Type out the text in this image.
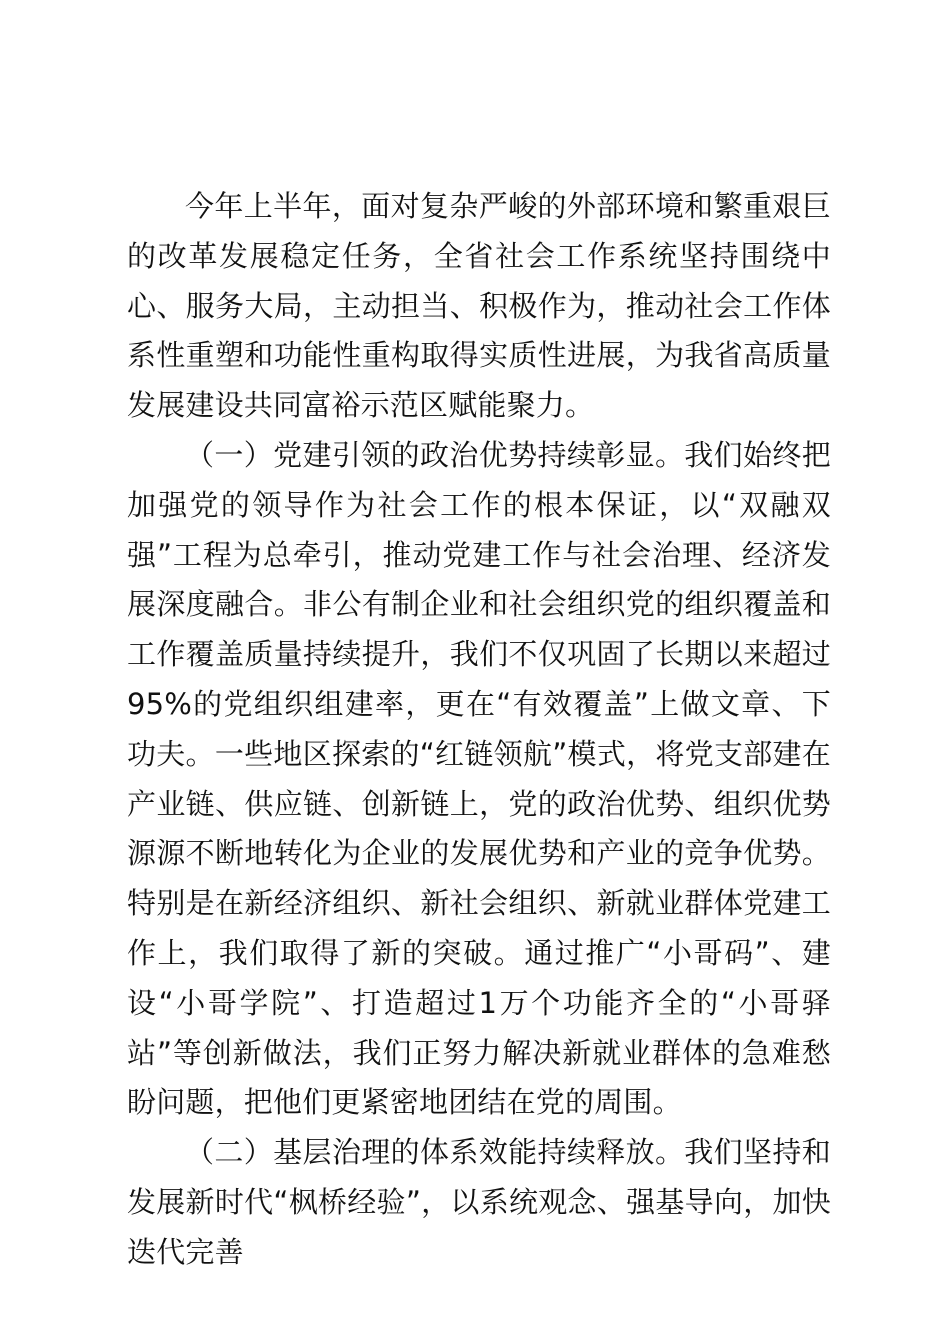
今年上半年，面对复杂严峻的外部环境和繁重艰巨的改革发展稳定任务，全省社会工作系统坚持围绕中心、服务大局，主动担当、积极作为，推动社会工作体系性重塑和功能性重构取得实质性进展，为我省高质量发展建设共同富裕示范区赋能聚力。

（一）党建引领的政治优势持续彰显。我们始终把加强党的领导作为社会工作的根本保证，以“双融双强”工程为总牵引，推动党建工作与社会治理、经济发展深度融合。非公有制企业和社会组织党的组织覆盖和工作覆盖质量持续提升，我们不仅巩固了长期以来超过95%的党组织组建率，更在“有效覆盖”上做文章、下功夫。一些地区探索的“红链领航”模式，将党支部建在产业链、供应链、创新链上，党的政治优势、组织优势源源不断地转化为企业的发展优势和产业的竞争优势。特别是在新经济组织、新社会组织、新就业群体党建工作上，我们取得了新的突破。通过推广“小哥码”、建设“小哥学院”、打造超过1万个功能齐全的“小哥驿站”等创新做法，我们正努力解决新就业群体的急难愁盼问题，把他们更紧密地团结在党的周围。

（二）基层治理的体系效能持续释放。我们坚持和发展新时代“枫桥经验”，以系统观念、强基导向，加快迭代完善
